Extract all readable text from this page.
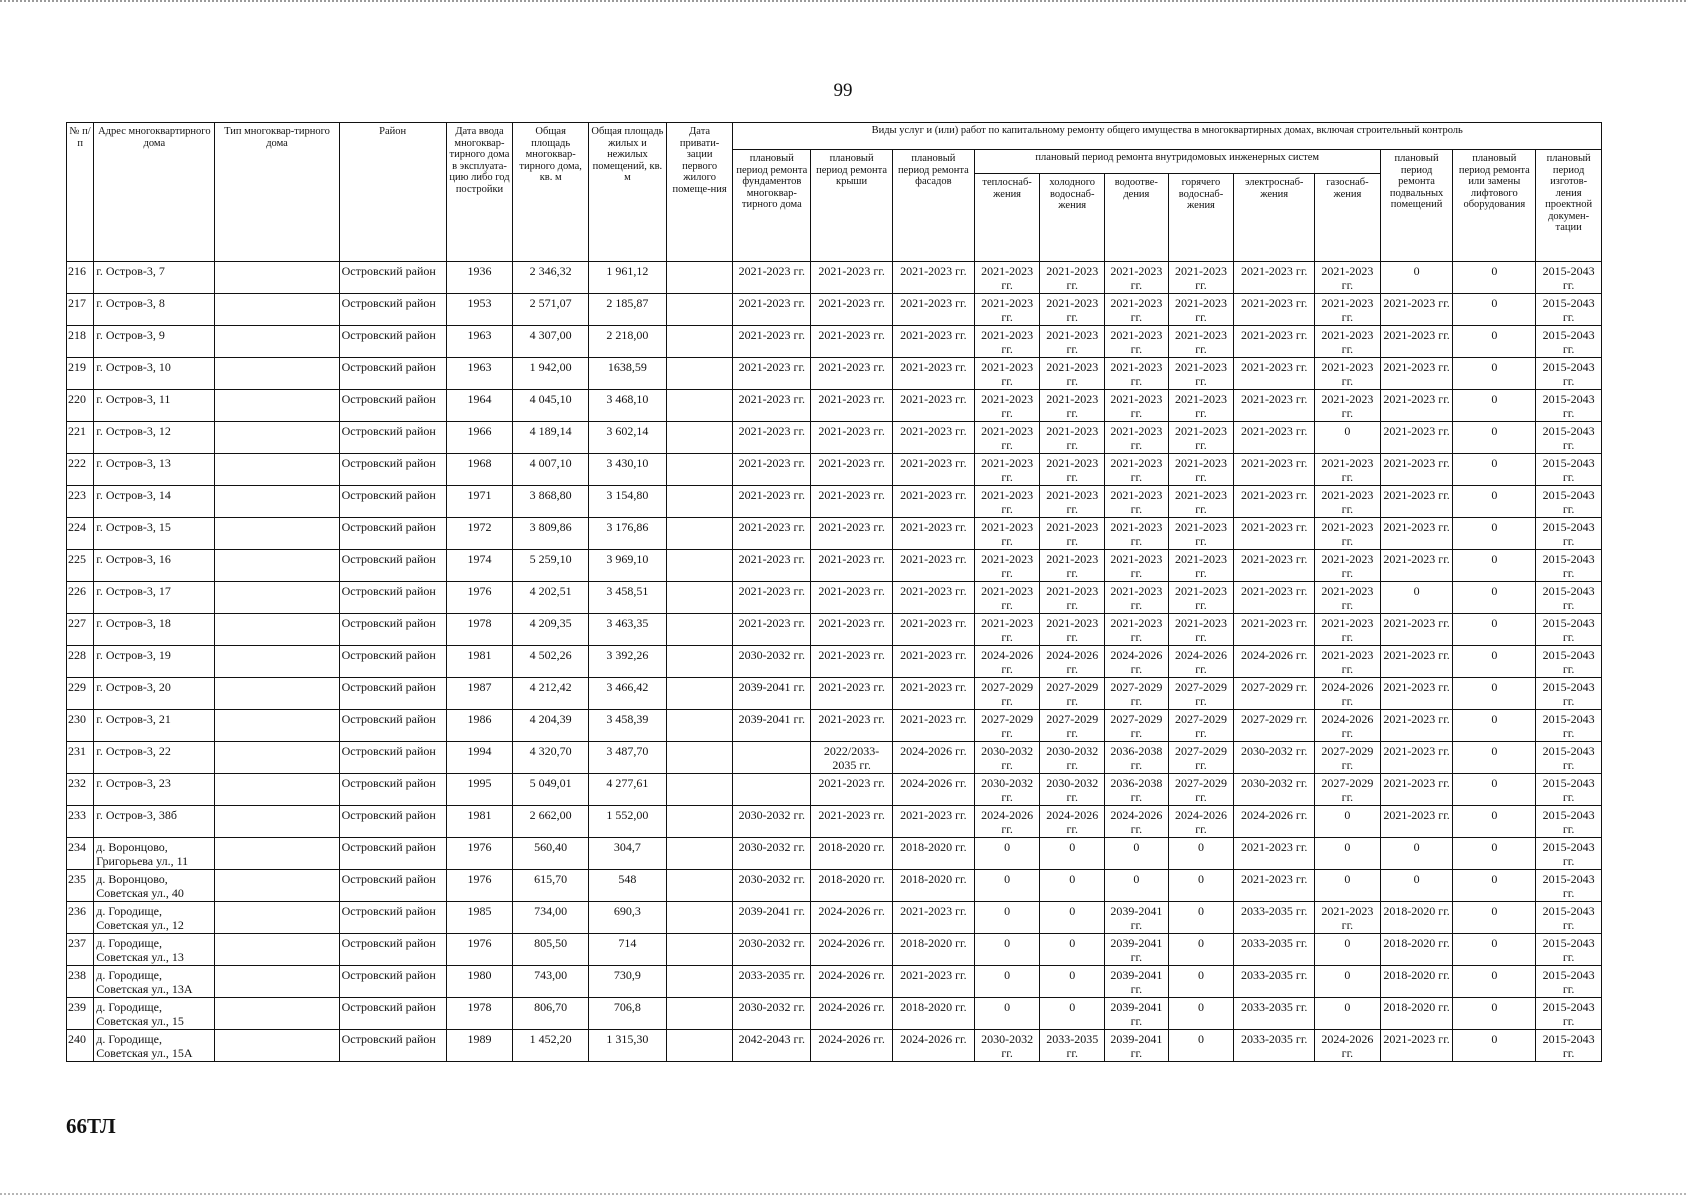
99
№ п/п	Адрес многоквартирного дома	Тип многоквар-тирного дома	Район	Дата ввода многоквар-тирного дома в эксплуата-цию либо год постройки	Общая площадь многоквар-тирного дома, кв. м	Общая площадь жилых и нежилых помещений, кв. м	Дата привати-зации первого жилого помеще-ния	Виды услуг и (или) работ по капитальному ремонту общего имущества в многоквартирных домах, включая строительный контроль											
								плановый период ремонта фундаментов многоквар-тирного дома	плановый период ремонта крыши	плановый период ремонта фасадов	плановый период ремонта внутридомовых инженерных систем						плановый период ремонта подвальных помещений	плановый период ремонта или замены лифтового оборудования	плановый период изготов-ления проектной докумен-тации
											теплоснаб-жения	холодного водоснаб-жения	водоотве-дения	горячего водоснаб-жения	электроснаб-жения	газоснаб-жения			
216	г. Остров-3, 7		Островский район	1936	2 346,32	1 961,12		2021-2023 гг.	2021-2023 гг.	2021-2023 гг.	2021-2023 гг.	2021-2023 гг.	2021-2023 гг.	2021-2023 гг.	2021-2023 гг.	2021-2023 гг.	0	0	2015-2043 гг.
217	г. Остров-3, 8		Островский район	1953	2 571,07	2 185,87		2021-2023 гг.	2021-2023 гг.	2021-2023 гг.	2021-2023 гг.	2021-2023 гг.	2021-2023 гг.	2021-2023 гг.	2021-2023 гг.	2021-2023 гг.	2021-2023 гг.	0	2015-2043 гг.
218	г. Остров-3, 9		Островский район	1963	4 307,00	2 218,00		2021-2023 гг.	2021-2023 гг.	2021-2023 гг.	2021-2023 гг.	2021-2023 гг.	2021-2023 гг.	2021-2023 гг.	2021-2023 гг.	2021-2023 гг.	2021-2023 гг.	0	2015-2043 гг.
219	г. Остров-3, 10		Островский район	1963	1 942,00	1638,59		2021-2023 гг.	2021-2023 гг.	2021-2023 гг.	2021-2023 гг.	2021-2023 гг.	2021-2023 гг.	2021-2023 гг.	2021-2023 гг.	2021-2023 гг.	2021-2023 гг.	0	2015-2043 гг.
220	г. Остров-3, 11		Островский район	1964	4 045,10	3 468,10		2021-2023 гг.	2021-2023 гг.	2021-2023 гг.	2021-2023 гг.	2021-2023 гг.	2021-2023 гг.	2021-2023 гг.	2021-2023 гг.	2021-2023 гг.	2021-2023 гг.	0	2015-2043 гг.
221	г. Остров-3, 12		Островский район	1966	4 189,14	3 602,14		2021-2023 гг.	2021-2023 гг.	2021-2023 гг.	2021-2023 гг.	2021-2023 гг.	2021-2023 гг.	2021-2023 гг.	2021-2023 гг.	0	2021-2023 гг.	0	2015-2043 гг.
222	г. Остров-3, 13		Островский район	1968	4 007,10	3 430,10		2021-2023 гг.	2021-2023 гг.	2021-2023 гг.	2021-2023 гг.	2021-2023 гг.	2021-2023 гг.	2021-2023 гг.	2021-2023 гг.	2021-2023 гг.	2021-2023 гг.	0	2015-2043 гг.
223	г. Остров-3, 14		Островский район	1971	3 868,80	3 154,80		2021-2023 гг.	2021-2023 гг.	2021-2023 гг.	2021-2023 гг.	2021-2023 гг.	2021-2023 гг.	2021-2023 гг.	2021-2023 гг.	2021-2023 гг.	2021-2023 гг.	0	2015-2043 гг.
224	г. Остров-3, 15		Островский район	1972	3 809,86	3 176,86		2021-2023 гг.	2021-2023 гг.	2021-2023 гг.	2021-2023 гг.	2021-2023 гг.	2021-2023 гг.	2021-2023 гг.	2021-2023 гг.	2021-2023 гг.	2021-2023 гг.	0	2015-2043 гг.
225	г. Остров-3, 16		Островский район	1974	5 259,10	3 969,10		2021-2023 гг.	2021-2023 гг.	2021-2023 гг.	2021-2023 гг.	2021-2023 гг.	2021-2023 гг.	2021-2023 гг.	2021-2023 гг.	2021-2023 гг.	2021-2023 гг.	0	2015-2043 гг.
226	г. Остров-3, 17		Островский район	1976	4 202,51	3 458,51		2021-2023 гг.	2021-2023 гг.	2021-2023 гг.	2021-2023 гг.	2021-2023 гг.	2021-2023 гг.	2021-2023 гг.	2021-2023 гг.	2021-2023 гг.	0	0	2015-2043 гг.
227	г. Остров-3, 18		Островский район	1978	4 209,35	3 463,35		2021-2023 гг.	2021-2023 гг.	2021-2023 гг.	2021-2023 гг.	2021-2023 гг.	2021-2023 гг.	2021-2023 гг.	2021-2023 гг.	2021-2023 гг.	2021-2023 гг.	0	2015-2043 гг.
228	г. Остров-3, 19		Островский район	1981	4 502,26	3 392,26		2030-2032 гг.	2021-2023 гг.	2021-2023 гг.	2024-2026 гг.	2024-2026 гг.	2024-2026 гг.	2024-2026 гг.	2024-2026 гг.	2021-2023 гг.	2021-2023 гг.	0	2015-2043 гг.
229	г. Остров-3, 20		Островский район	1987	4 212,42	3 466,42		2039-2041 гг.	2021-2023 гг.	2021-2023 гг.	2027-2029 гг.	2027-2029 гг.	2027-2029 гг.	2027-2029 гг.	2027-2029 гг.	2024-2026 гг.	2021-2023 гг.	0	2015-2043 гг.
230	г. Остров-3, 21		Островский район	1986	4 204,39	3 458,39		2039-2041 гг.	2021-2023 гг.	2021-2023 гг.	2027-2029 гг.	2027-2029 гг.	2027-2029 гг.	2027-2029 гг.	2027-2029 гг.	2024-2026 гг.	2021-2023 гг.	0	2015-2043 гг.
231	г. Остров-3, 22		Островский район	1994	4 320,70	3 487,70			2022/2033-2035 гг.	2024-2026 гг.	2030-2032 гг.	2030-2032 гг.	2036-2038 гг.	2027-2029 гг.	2030-2032 гг.	2027-2029 гг.	2021-2023 гг.	0	2015-2043 гг.
232	г. Остров-3, 23		Островский район	1995	5 049,01	4 277,61			2021-2023 гг.	2024-2026 гг.	2030-2032 гг.	2030-2032 гг.	2036-2038 гг.	2027-2029 гг.	2030-2032 гг.	2027-2029 гг.	2021-2023 гг.	0	2015-2043 гг.
233	г. Остров-3, 38б		Островский район	1981	2 662,00	1 552,00		2030-2032 гг.	2021-2023 гг.	2021-2023 гг.	2024-2026 гг.	2024-2026 гг.	2024-2026 гг.	2024-2026 гг.	2024-2026 гг.	0	2021-2023 гг.	0	2015-2043 гг.
234	д. Воронцово, Григорьева ул., 11		Островский район	1976	560,40	304,7		2030-2032 гг.	2018-2020 гг.	2018-2020 гг.	0	0	0	0	2021-2023 гг.	0	0	0	2015-2043 гг.
235	д. Воронцово, Советская ул., 40		Островский район	1976	615,70	548		2030-2032 гг.	2018-2020 гг.	2018-2020 гг.	0	0	0	0	2021-2023 гг.	0	0	0	2015-2043 гг.
236	д. Городище, Советская ул., 12		Островский район	1985	734,00	690,3		2039-2041 гг.	2024-2026 гг.	2021-2023 гг.	0	0	2039-2041 гг.	0	2033-2035 гг.	2021-2023 гг.	2018-2020 гг.	0	2015-2043 гг.
237	д. Городище, Советская ул., 13		Островский район	1976	805,50	714		2030-2032 гг.	2024-2026 гг.	2018-2020 гг.	0	0	2039-2041 гг.	0	2033-2035 гг.	0	2018-2020 гг.	0	2015-2043 гг.
238	д. Городище, Советская ул., 13А		Островский район	1980	743,00	730,9		2033-2035 гг.	2024-2026 гг.	2021-2023 гг.	0	0	2039-2041 гг.	0	2033-2035 гг.	0	2018-2020 гг.	0	2015-2043 гг.
239	д. Городище, Советская ул., 15		Островский район	1978	806,70	706,8		2030-2032 гг.	2024-2026 гг.	2018-2020 гг.	0	0	2039-2041 гг.	0	2033-2035 гг.	0	2018-2020 гг.	0	2015-2043 гг.
240	д. Городище, Советская ул., 15А		Островский район	1989	1 452,20	1 315,30		2042-2043 гг.	2024-2026 гг.	2024-2026 гг.	2030-2032 гг.	2033-2035 гг.	2039-2041 гг.	0	2033-2035 гг.	2024-2026 гг.	2021-2023 гг.	0	2015-2043 гг.
66ТЛ
